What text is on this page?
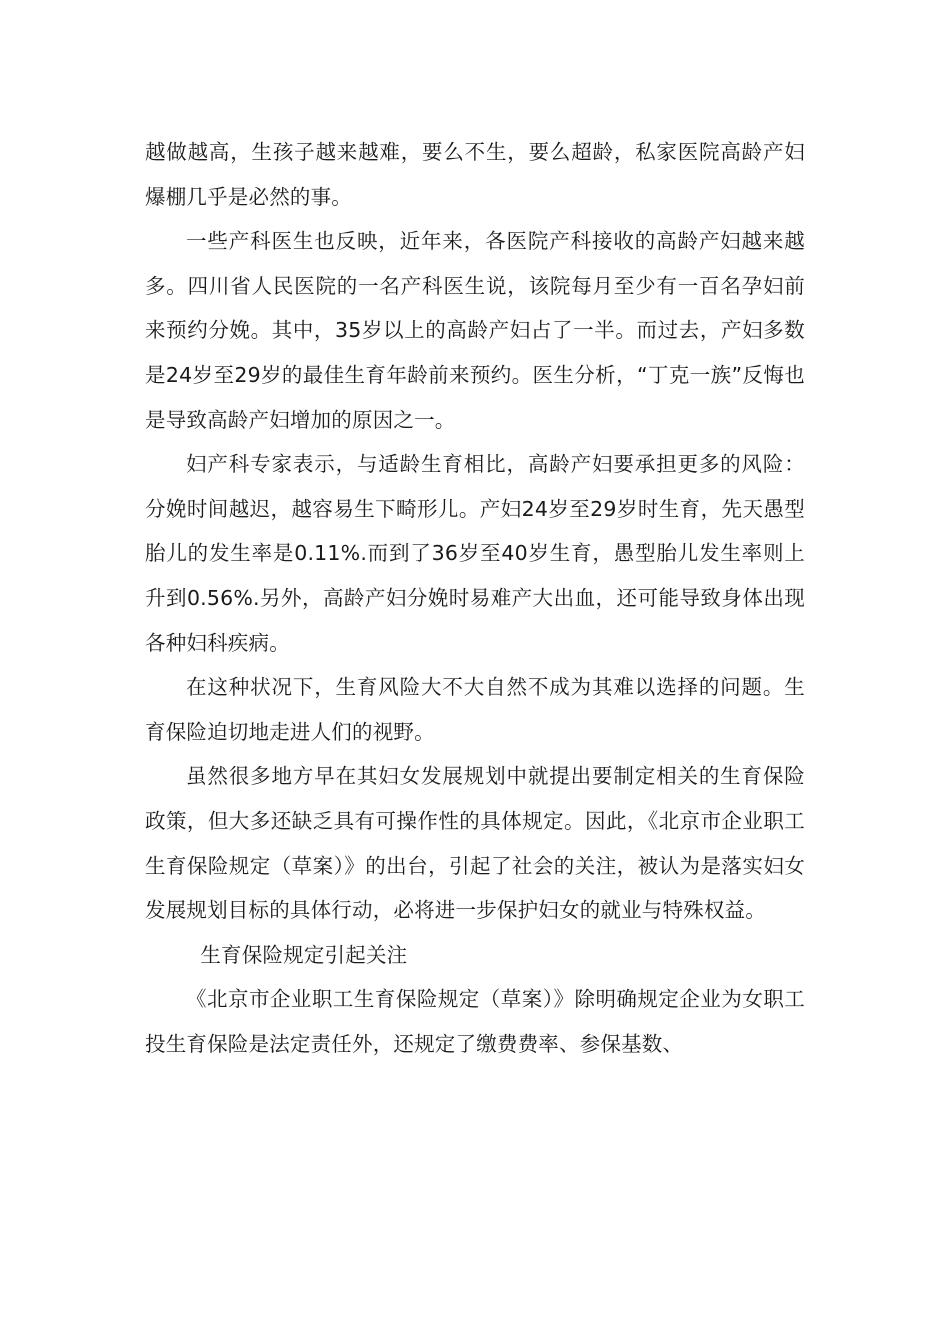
越做越高，生孩子越来越难，要么不生，要么超龄，私家医院高龄产妇爆棚几乎是必然的事。

一些产科医生也反映，近年来，各医院产科接收的高龄产妇越来越多。四川省人民医院的一名产科医生说，该院每月至少有一百名孕妇前来预约分娩。其中，35岁以上的高龄产妇占了一半。而过去，产妇多数是24岁至29岁的最佳生育年龄前来预约。医生分析，“丁克一族”反悔也是导致高龄产妇增加的原因之一。

妇产科专家表示，与适龄生育相比，高龄产妇要承担更多的风险：分娩时间越迟，越容易生下畸形儿。产妇24岁至29岁时生育，先天愚型胎儿的发生率是0.11%.而到了36岁至40岁生育，愚型胎儿发生率则上升到0.56%.另外，高龄产妇分娩时易难产大出血，还可能导致身体出现各种妇科疾病。

在这种状况下，生育风险大不大自然不成为其难以选择的问题。生育保险迫切地走进人们的视野。

虽然很多地方早在其妇女发展规划中就提出要制定相关的生育保险政策，但大多还缺乏具有可操作性的具体规定。因此，《北京市企业职工生育保险规定（草案）》的出台，引起了社会的关注，被认为是落实妇女发展规划目标的具体行动，必将进一步保护妇女的就业与特殊权益。

生育保险规定引起关注

《北京市企业职工生育保险规定（草案）》除明确规定企业为女职工投生育保险是法定责任外，还规定了缴费费率、参保基数、
